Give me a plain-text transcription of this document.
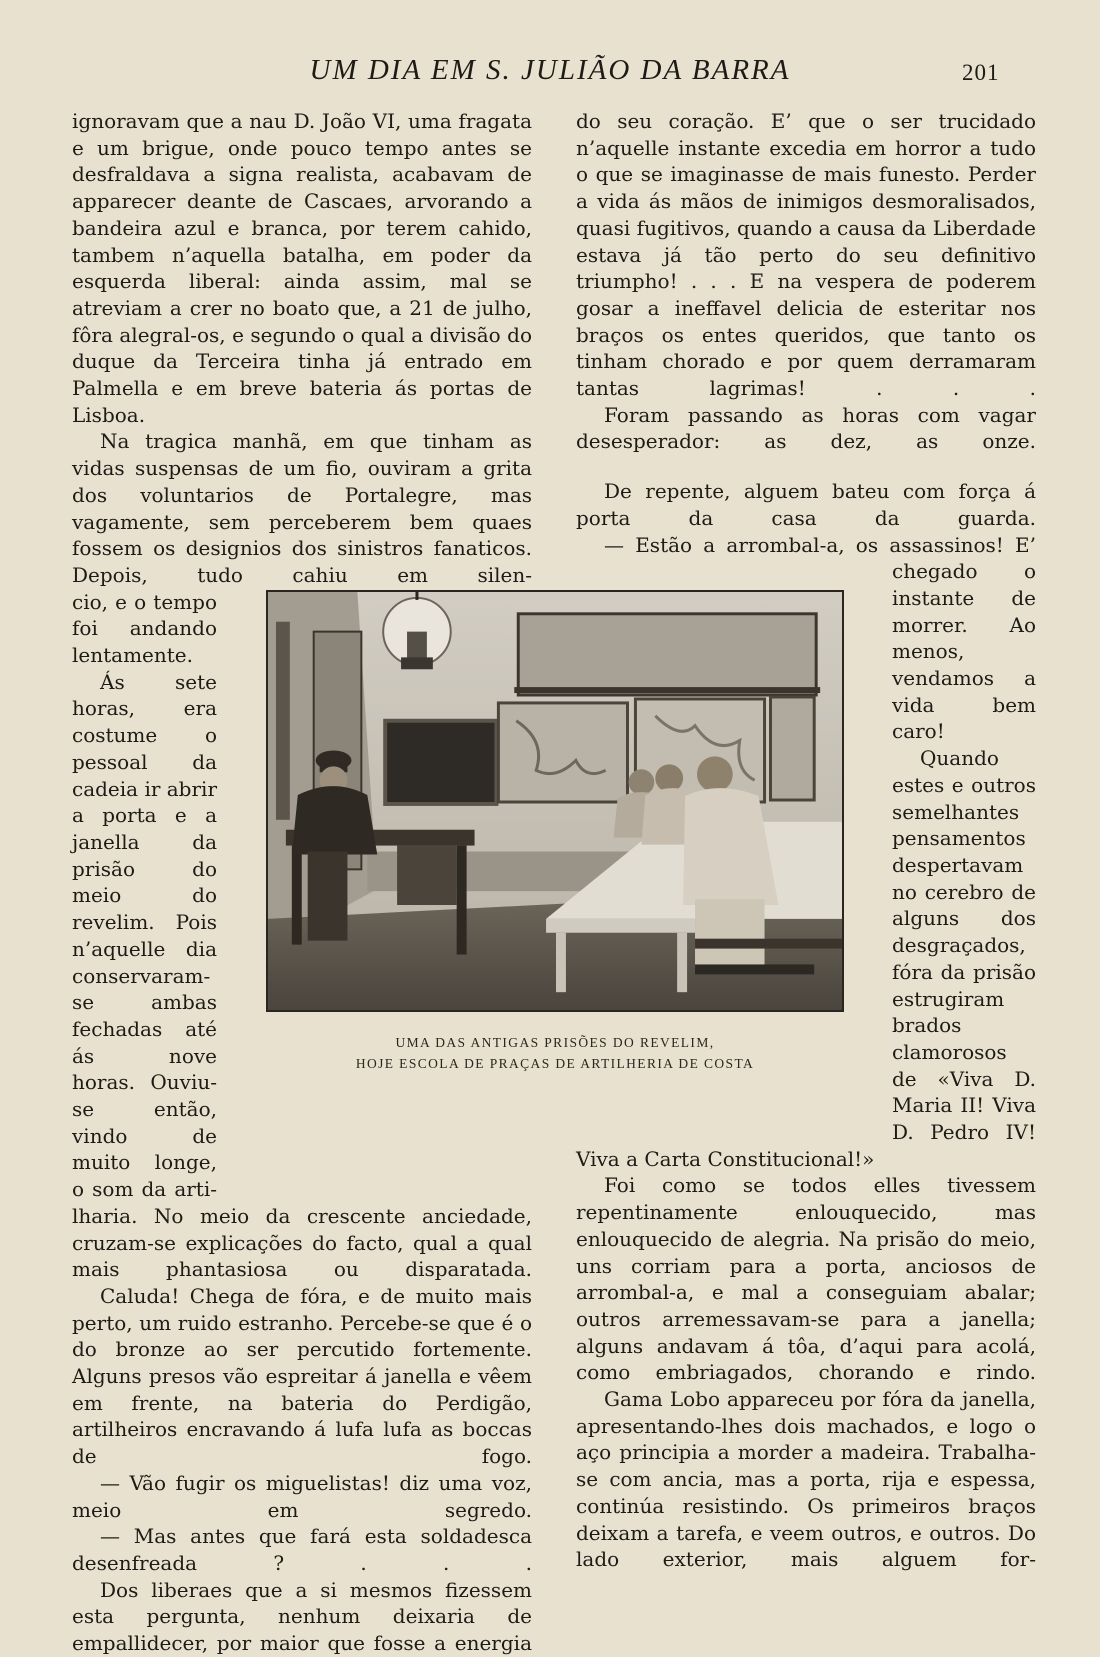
UM DIA EM S. JULIÃO DA BARRA	201

ignoravam que a nau D. João VI, uma fragata e um brigue, onde pouco tempo antes se desfraldava a signa realista, acabavam de apparecer deante de Cascaes, arvorando a bandeira azul e branca, por terem cahido, tambem n’aquella batalha, em poder da esquerda liberal: ainda assim, mal se atreviam a crer no boato que, a 21 de julho, fôra alegral-os, e segundo o qual a divisão do duque da Terceira tinha já entrado em Palmella e em breve bateria ás portas de Lisboa.

Na tragica manhã, em que tinham as vidas suspensas de um fio, ouviram a grita dos voluntarios de Portalegre, mas vagamente, sem perceberem bem quaes fossem os designios dos sinistros fanaticos. Depois, tudo cahiu em silen-

cio, e o tempo foi andando lentamente.

Ás sete horas, era costume o pessoal da cadeia ir abrir a porta e a janella da prisão do meio do revelim. Pois n’aquelle dia conservaram-se ambas fechadas até ás nove horas. Ouviu-se então, vindo de muito longe, o som da arti-

lharia. No meio da crescente anciedade, cruzam-se explicações do facto, qual a qual mais phantasiosa ou disparatada.

Caluda! Chega de fóra, e de muito mais perto, um ruido estranho. Percebe-se que é o do bronze ao ser percutido fortemente. Alguns presos vão espreitar á janella e vêem em frente, na bateria do Perdigão, artilheiros encravando á lufa lufa as boccas de fogo.

— Vão fugir os miguelistas! diz uma voz, meio em segredo.

— Mas antes que fará esta soldadesca desenfreada ? . . .

Dos liberaes que a si mesmos fizessem esta pergunta, nenhum deixaria de empallidecer, por maior que fosse a energia

do seu coração. E’ que o ser trucidado n’aquelle instante excedia em horror a tudo o que se imaginasse de mais funesto. Perder a vida ás mãos de inimigos desmoralisados, quasi fugitivos, quando a causa da Liberdade estava já tão perto do seu definitivo triumpho! . . . E na vespera de poderem gosar a ineffavel delicia de esteritar nos braços os entes queridos, que tanto os tinham chorado e por quem derramaram tantas lagrimas! . . .

Foram passando as horas com vagar desesperador: as dez, as onze.

De repente, alguem bateu com força á porta da casa da guarda.

— Estão a arrombal-a, os assassinos! E’

chegado o instante de morrer. Ao menos, vendamos a vida bem caro!

Quando estes e outros semelhantes pensamentos despertavam no cerebro de alguns dos desgraçados, fóra da prisão estrugiram brados clamorosos de «Viva D. Maria II! Viva D. Pedro IV!

Viva a Carta Constitucional!»

Foi como se todos elles tivessem repentinamente enlouquecido, mas enlouquecido de alegria. Na prisão do meio, uns corriam para a porta, anciosos de arrombal-a, e mal a conseguiam abalar; outros arremessavam-se para a janella; alguns andavam á tôa, d’aqui para acolá, como embriagados, chorando e rindo.

Gama Lobo appareceu por fóra da janella, apresentando-lhes dois machados, e logo o aço principia a morder a madeira. Trabalha-se com ancia, mas a porta, rija e espessa, continúa resistindo. Os primeiros braços deixam a tarefa, e veem outros, e outros. Do lado exterior, mais alguem for-

UMA DAS ANTIGAS PRISÕES DO REVELIM,
HOJE ESCOLA DE PRAÇAS DE ARTILHERIA DE COSTA
